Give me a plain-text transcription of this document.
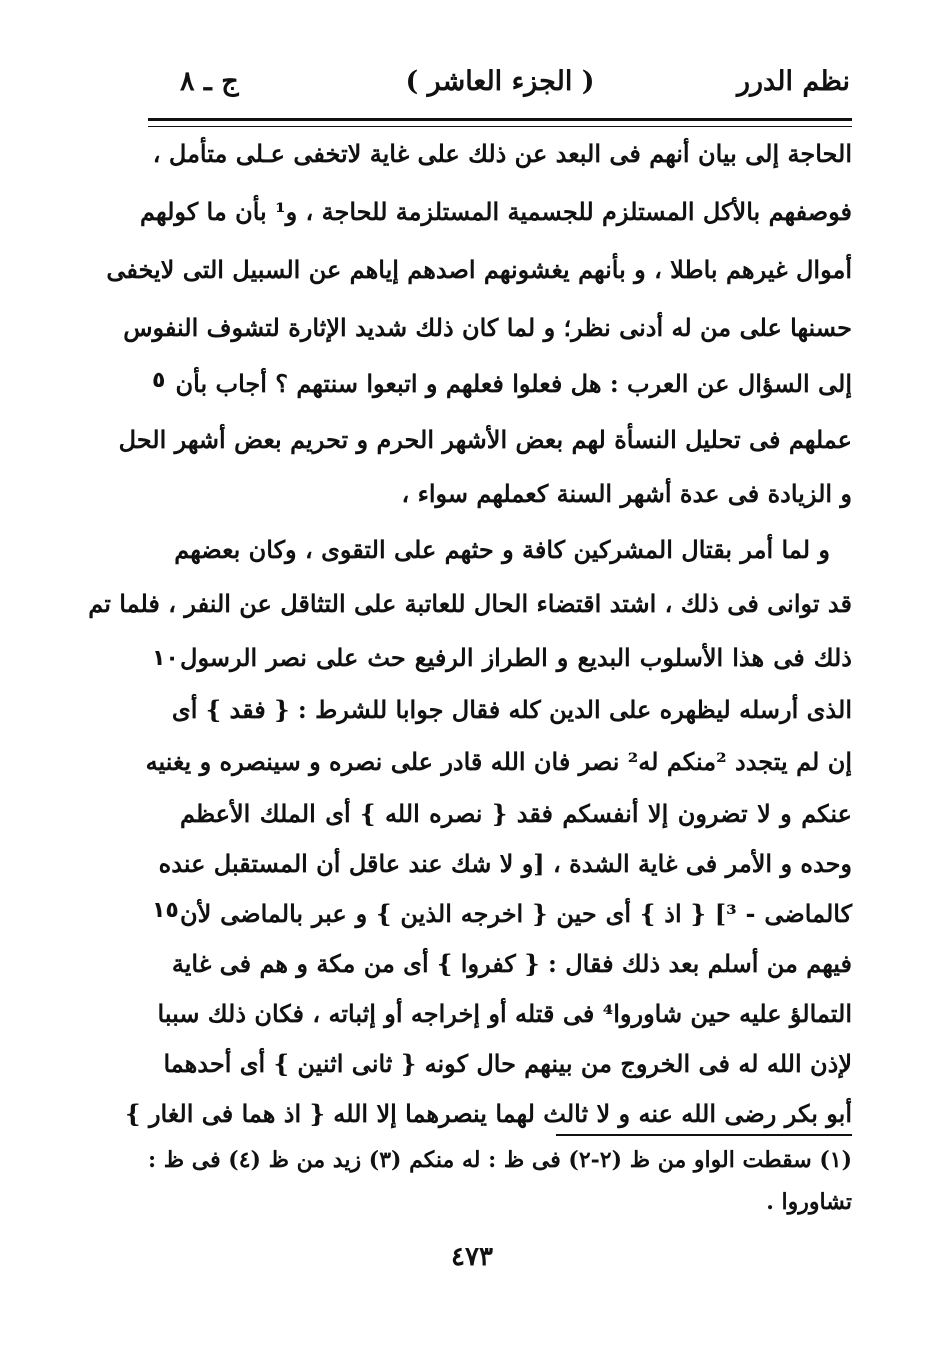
نظم الدرر
( الجزء العاشر )
ج ـ ٨
الحاجة إلى بيان أنهم فى البعد عن ذلك على غاية لاتخفى عـلى متأمل ،
فوصفهم بالأكل المستلزم للجسمية المستلزمة للحاجة ، و¹ بأن ما كولهم
أموال غيرهم باطلا ، و بأنهم يغشونهم اصدهم إياهم عن السبيل التى لايخفى
حسنها على من له أدنى نظر؛ و لما كان ذلك شديد الإثارة لتشوف النفوس
إلى السؤال عن العرب : هل فعلوا فعلهم و اتبعوا سنتهم ؟ أجاب بأن
عملهم فى تحليل النسأة لهم بعض الأشهر الحرم و تحريم بعض أشهر الحل
و الزيادة فى عدة أشهر السنة كعملهم سواء ،
و لما أمر بقتال المشركين كافة و حثهم على التقوى ، وكان بعضهم
قد توانى فى ذلك ، اشتد اقتضاء الحال للعاتبة على التثاقل عن النفر ، فلما تم
ذلك فى هذا الأسلوب البديع و الطراز الرفيع حث على نصر الرسول
الذى أرسله ليظهره على الدين كله فقال جوابا للشرط : { فقد } أى
إن لم يتجدد ²منكم له² نصر فان الله قادر على نصره و سينصره و يغنيه
عنكم و لا تضرون إلا أنفسكم فقد { نصره الله } أى الملك الأعظم
وحده و الأمر فى غاية الشدة ، [و لا شك عند عاقل أن المستقبل عنده
كالماضى - ³] { اذ } أى حين { اخرجه الذين } و عبر بالماضى لأن
فيهم من أسلم بعد ذلك فقال : { كفروا } أى من مكة و هم فى غاية
التمالؤ عليه حين شاوروا⁴ فى قتله أو إخراجه أو إثباته ، فكان ذلك سببا
لإذن الله له فى الخروج من بينهم حال كونه { ثانى اثنين } أى أحدهما
أبو بكر رضى الله عنه و لا ثالث لهما ينصرهما إلا الله { اذ هما فى الغار }
٥
١٠
١٥
(١) سقطت الواو من ظ (٢-٢) فى ظ : له منكم (٣) زيد من ظ (٤) فى ظ :
تشاوروا .
٤٧٣
